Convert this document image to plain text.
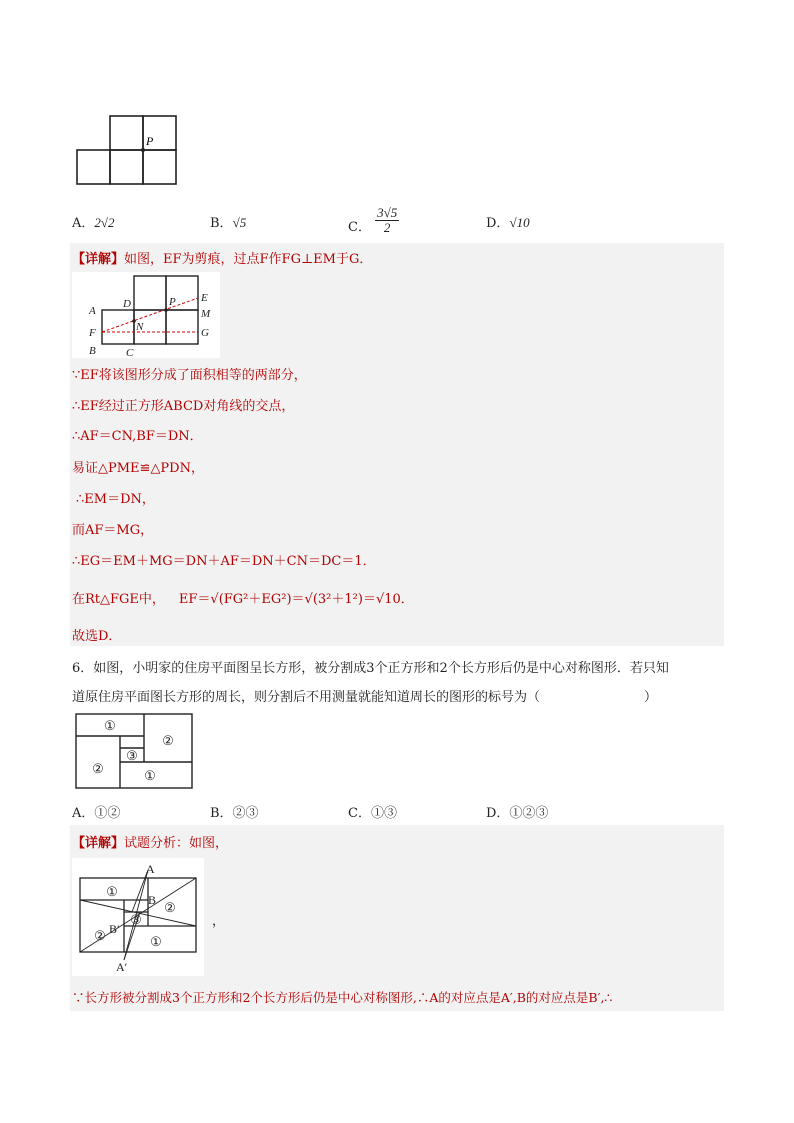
P
A．2√2	B．√5	C． $\frac{3√5}{2}$	D．√10
【详解】如图，EF为剪痕，过点F作FG⊥EM于G．
A
F
B	C
D
N
P E
M
G
∵EF将该图形分成了面积相等的两部分，
∴EF经过正方形ABCD对角线的交点，
∴AF＝CN,BF＝DN．
易证△PME≌△PDN，
∴EM＝DN，
而AF＝MG，
∴EG＝EM＋MG＝DN＋AF＝DN＋CN＝DC＝1．
在Rt△FGE中， EF＝√(FG²＋EG²)＝√(3²＋1²)＝√10．
故选D．
6．如图，小明家的住房平面图呈长方形，被分割成3个正方形和2个长方形后仍是中心对称图形．若只知
道原住房平面图长方形的周长，则分割后不用测量就能知道周长的图形的标号为（	）
①
②
③
②	①
A．①②	B．②③	C．①③	D．①②③
【详解】试题分析：如图，
A
A′
B
B′
①
②
③
②	①
，
∵长方形被分割成3个正方形和2个长方形后仍是中心对称图形,∴A的对应点是A′,B的对应点是B′,∴
